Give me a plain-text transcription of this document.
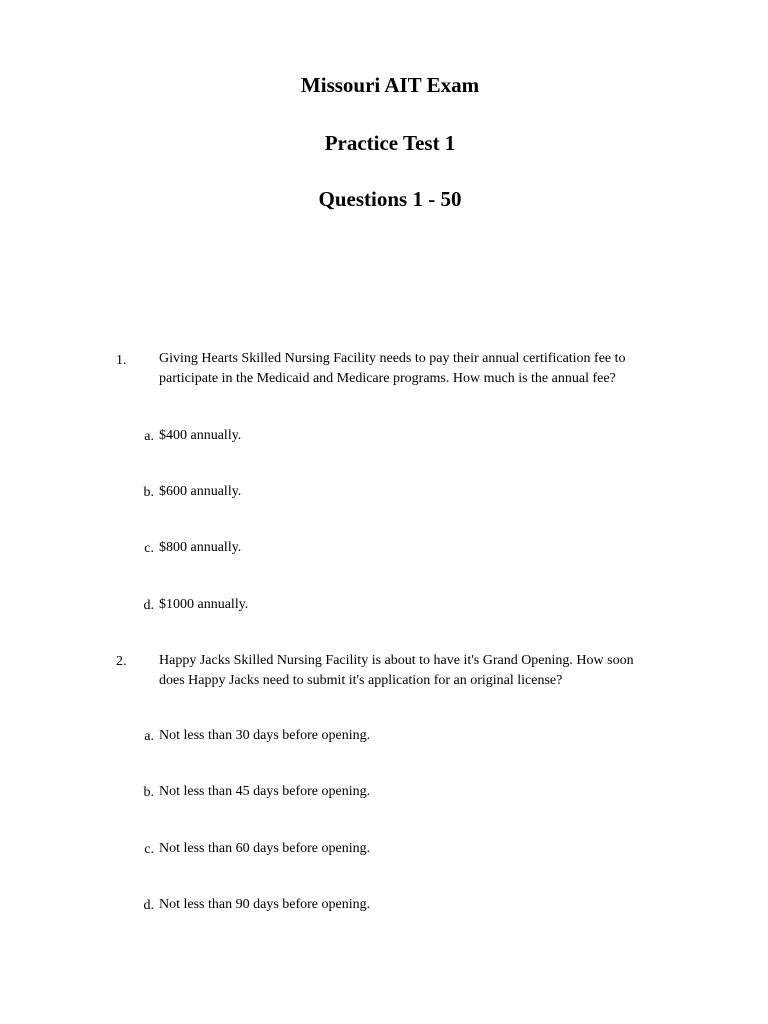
Missouri AIT Exam
Practice Test 1
Questions 1 - 50
1. Giving Hearts Skilled Nursing Facility needs to pay their annual certification fee to participate in the Medicaid and Medicare programs. How much is the annual fee?
a. $400 annually.
b. $600 annually.
c. $800 annually.
d. $1000 annually.
2. Happy Jacks Skilled Nursing Facility is about to have it's Grand Opening. How soon does Happy Jacks need to submit it's application for an original license?
a. Not less than 30 days before opening.
b. Not less than 45 days before opening.
c. Not less than 60 days before opening.
d. Not less than 90 days before opening.
